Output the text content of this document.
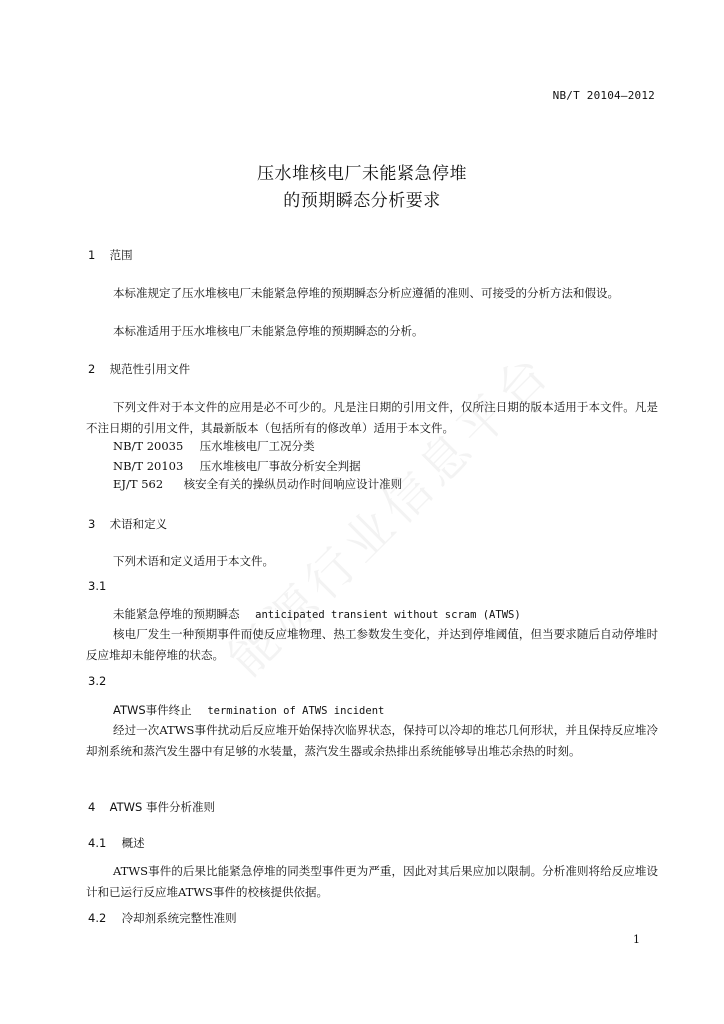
NB/T 20104—2012
压水堆核电厂未能紧急停堆
的预期瞬态分析要求
1 范围
本标准规定了压水堆核电厂未能紧急停堆的预期瞬态分析应遵循的准则、可接受的分析方法和假设。
本标准适用于压水堆核电厂未能紧急停堆的预期瞬态的分析。
2 规范性引用文件
下列文件对于本文件的应用是必不可少的。凡是注日期的引用文件，仅所注日期的版本适用于本文件。凡是不注日期的引用文件，其最新版本（包括所有的修改单）适用于本文件。
NB/T 20035 压水堆核电厂工况分类
NB/T 20103 压水堆核电厂事故分析安全判据
EJ/T 562 核安全有关的操纵员动作时间响应设计准则
3 术语和定义
下列术语和定义适用于本文件。
3.1
未能紧急停堆的预期瞬态 anticipated transient without scram (ATWS)
核电厂发生一种预期事件而使反应堆物理、热工参数发生变化，并达到停堆阈值，但当要求随后自动停堆时反应堆却未能停堆的状态。
3.2
ATWS事件终止 termination of ATWS incident
经过一次ATWS事件扰动后反应堆开始保持次临界状态，保持可以冷却的堆芯几何形状，并且保持反应堆冷却剂系统和蒸汽发生器中有足够的水装量，蒸汽发生器或余热排出系统能够导出堆芯余热的时刻。
4 ATWS 事件分析准则
4.1 概述
ATWS事件的后果比能紧急停堆的同类型事件更为严重，因此对其后果应加以限制。分析准则将给反应堆设计和已运行反应堆ATWS事件的校核提供依据。
4.2 冷却剂系统完整性准则
1
